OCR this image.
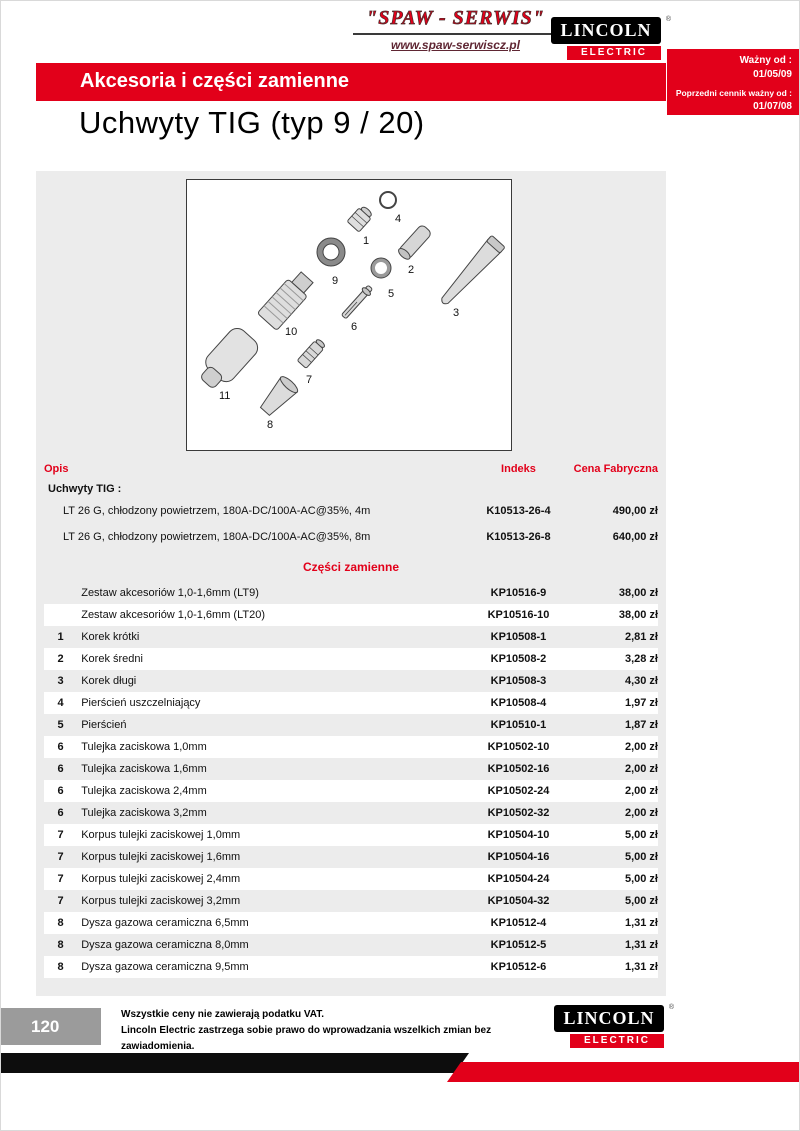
"SPAW - SERWIS"
www.spaw-serwiscz.pl
LINCOLN
®
ELECTRIC
Ważny od :
01/05/09
Poprzedni cennik ważny od :
01/07/08
Akcesoria i części zamienne
Uchwyty TIG (typ 9 / 20)
4
1
2
9
5
3
6
10
7
11
8
Opis		Indeks	Cena Fabryczna
Uchwyty TIG :			
LT 26 G, chłodzony powietrzem, 180A-DC/100A-AC@35%, 4m		K10513-26-4	490,00 zł
LT 26 G, chłodzony powietrzem, 180A-DC/100A-AC@35%, 8m		K10513-26-8	640,00 zł
Części zamienne			
	Zestaw akcesoriów 1,0-1,6mm (LT9)	KP10516-9	38,00 zł
	Zestaw akcesoriów 1,0-1,6mm (LT20)	KP10516-10	38,00 zł
1	Korek krótki	KP10508-1	2,81 zł
2	Korek średni	KP10508-2	3,28 zł
3	Korek długi	KP10508-3	4,30 zł
4	Pierścień uszczelniający	KP10508-4	1,97 zł
5	Pierścień	KP10510-1	1,87 zł
6	Tulejka zaciskowa 1,0mm	KP10502-10	2,00 zł
6	Tulejka zaciskowa 1,6mm	KP10502-16	2,00 zł
6	Tulejka zaciskowa 2,4mm	KP10502-24	2,00 zł
6	Tulejka zaciskowa 3,2mm	KP10502-32	2,00 zł
7	Korpus tulejki zaciskowej 1,0mm	KP10504-10	5,00 zł
7	Korpus tulejki zaciskowej 1,6mm	KP10504-16	5,00 zł
7	Korpus tulejki zaciskowej 2,4mm	KP10504-24	5,00 zł
7	Korpus tulejki zaciskowej 3,2mm	KP10504-32	5,00 zł
8	Dysza gazowa ceramiczna 6,5mm	KP10512-4	1,31 zł
8	Dysza gazowa ceramiczna 8,0mm	KP10512-5	1,31 zł
8	Dysza gazowa ceramiczna 9,5mm	KP10512-6	1,31 zł
120
Wszystkie ceny nie zawierają podatku VAT.
Lincoln Electric zastrzega sobie prawo do wprowadzania wszelkich zmian bez zawiadomienia.
LINCOLN
®
ELECTRIC
